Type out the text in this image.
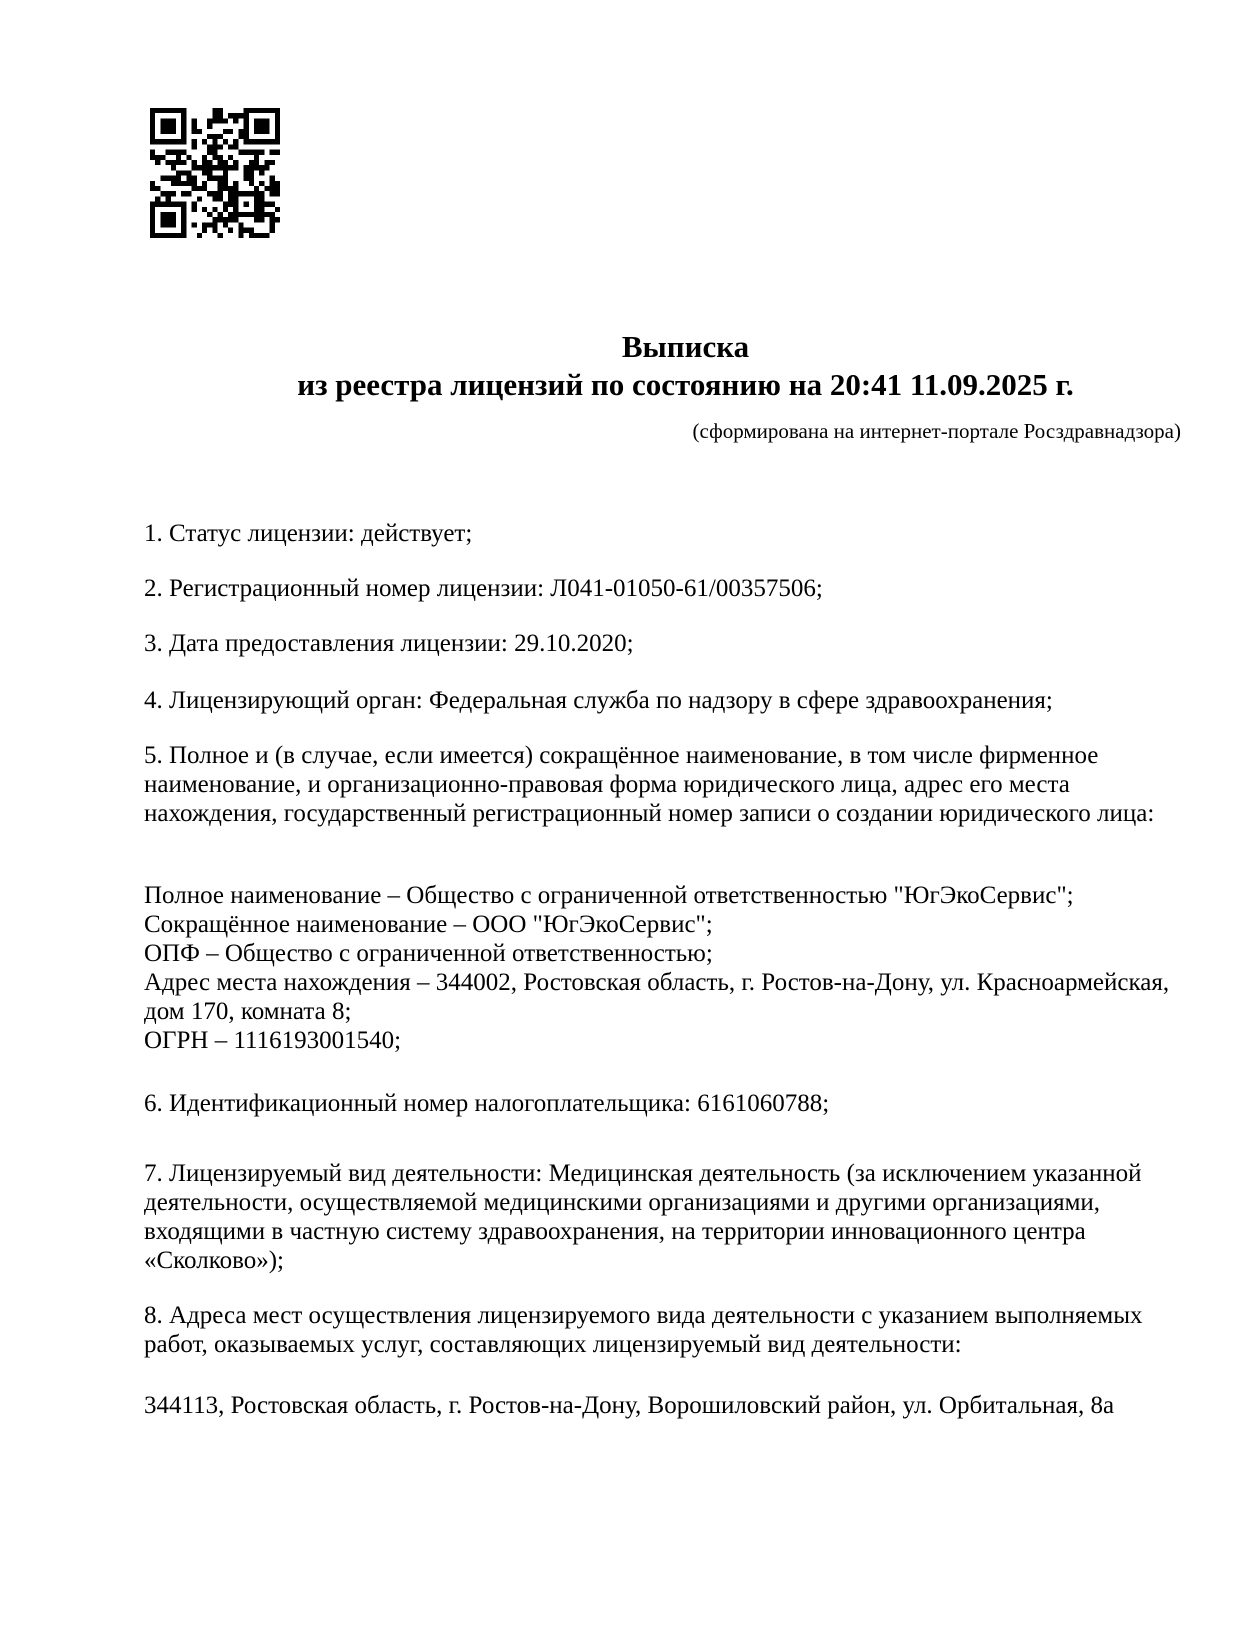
Выписка
из реестра лицензий по состоянию на 20:41 11.09.2025 г.
(сформирована на интернет-портале Росздравнадзора)
1. Статус лицензии: действует;
2. Регистрационный номер лицензии: Л041-01050-61/00357506;
3. Дата предоставления лицензии: 29.10.2020;
4. Лицензирующий орган: Федеральная служба по надзору в сфере здравоохранения;
5. Полное и (в случае, если имеется) сокращённое наименование, в том числе фирменное наименование, и организационно-правовая форма юридического лица, адрес его места нахождения, государственный регистрационный номер записи о создании юридического лица:
Полное наименование – Общество с ограниченной ответственностью "ЮгЭкоСервис";
Сокращённое наименование – ООО "ЮгЭкоСервис";
ОПФ – Общество с ограниченной ответственностью;
Адрес места нахождения – 344002, Ростовская область, г. Ростов-на-Дону, ул. Красноармейская, дом 170, комната 8;
ОГРН – 1116193001540;
6. Идентификационный номер налогоплательщика: 6161060788;
7. Лицензируемый вид деятельности: Медицинская деятельность (за исключением указанной деятельности, осуществляемой медицинскими организациями и другими организациями, входящими в частную систему здравоохранения, на территории инновационного центра «Сколково»);
8. Адреса мест осуществления лицензируемого вида деятельности с указанием выполняемых работ, оказываемых услуг, составляющих лицензируемый вид деятельности:
344113, Ростовская область, г. Ростов-на-Дону, Ворошиловский район, ул. Орбитальная, 8а
